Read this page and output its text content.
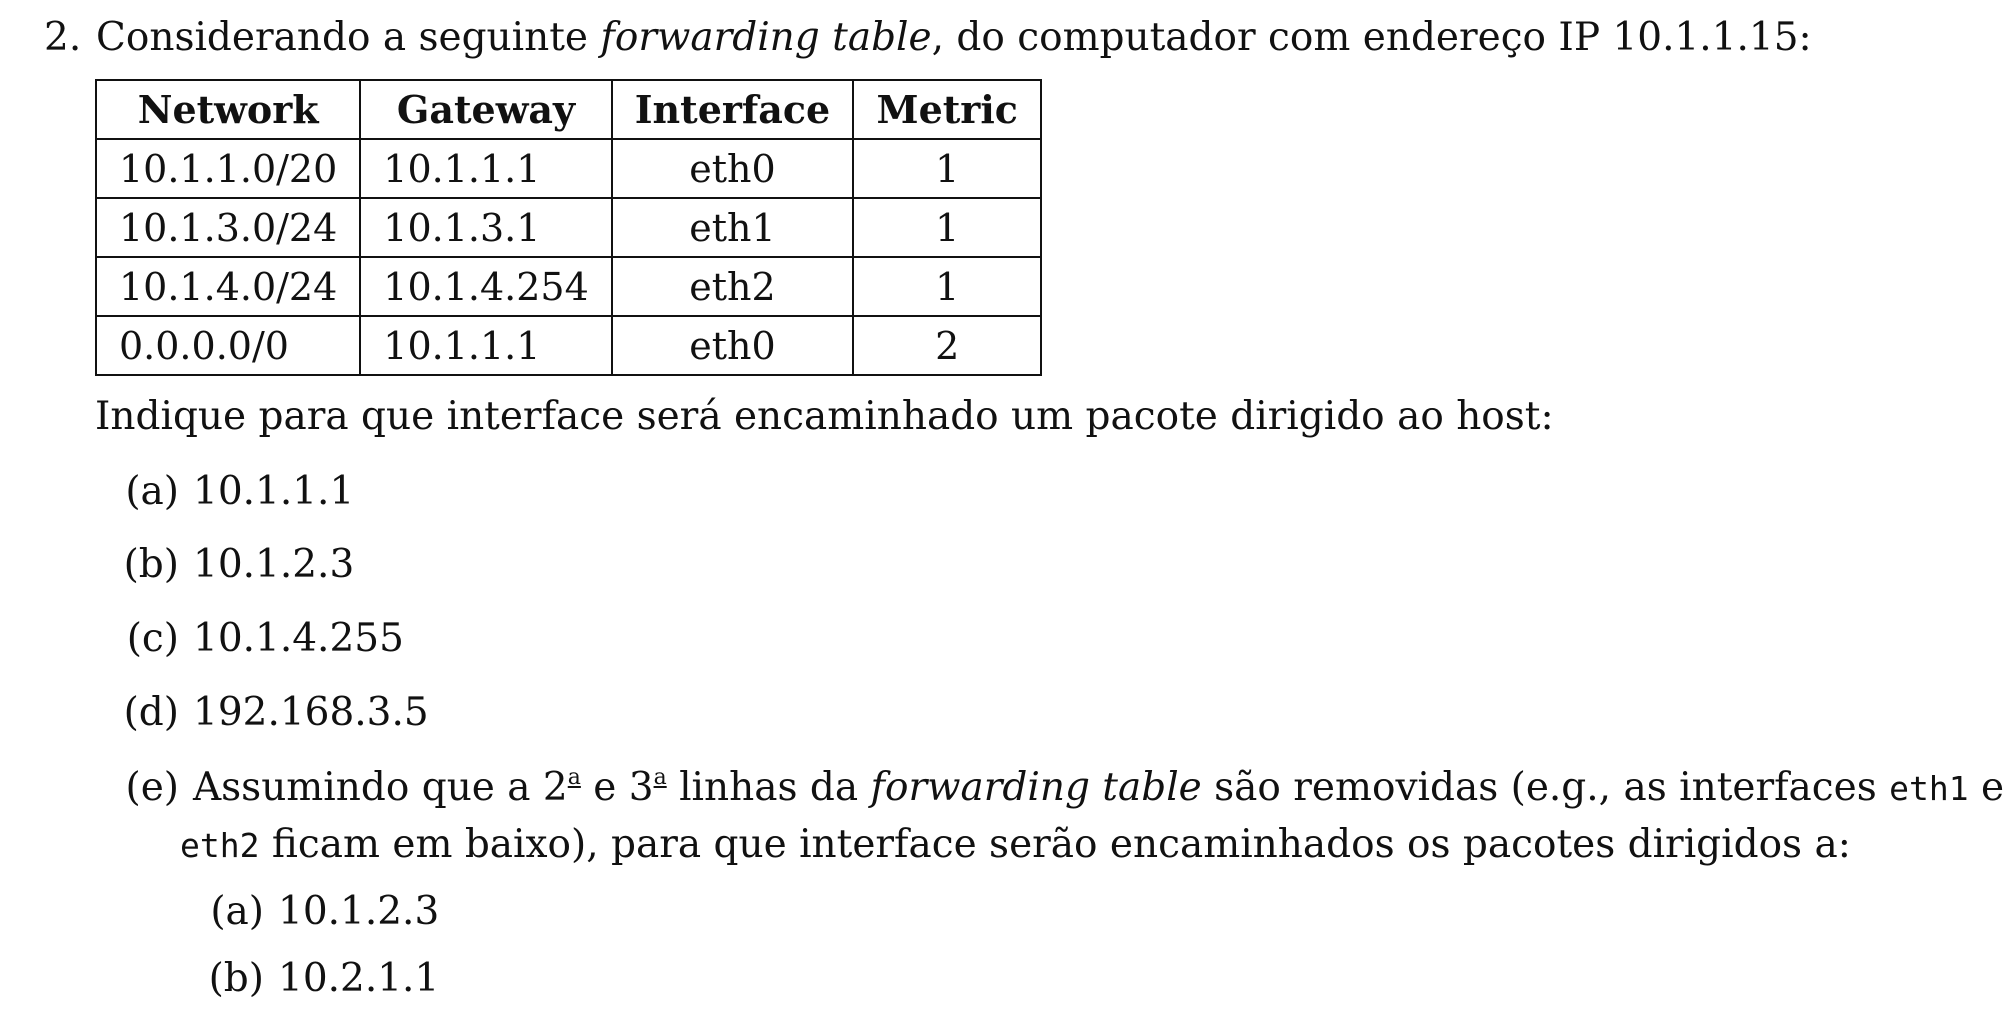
2. Considerando a seguinte forwarding table, do computador com endereço IP 10.1.1.15:
Network	Gateway	Interface	Metric
10.1.1.0/20	10.1.1.1	eth0	1
10.1.3.0/24	10.1.3.1	eth1	1
10.1.4.0/24	10.1.4.254	eth2	1
0.0.0.0/0	10.1.1.1	eth0	2
Indique para que interface será encaminhado um pacote dirigido ao host:
(a) 10.1.1.1
(b) 10.1.2.3
(c) 10.1.4.255
(d) 192.168.3.5
(e) Assumindo que a 2$^a$ e 3$^a$ linhas da forwarding table são removidas (e.g., as interfaces eth1 e
eth2 ficam em baixo), para que interface serão encaminhados os pacotes dirigidos a:
(a) 10.1.2.3
(b) 10.2.1.1
